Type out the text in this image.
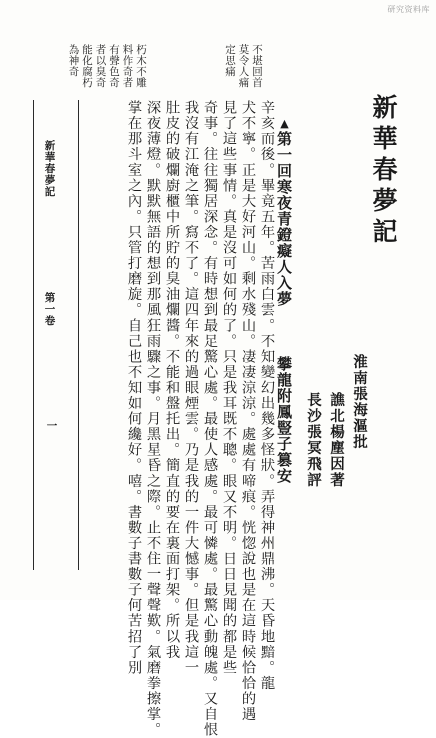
研究资料库
不堪回首
莫令人痛
定思痛
朽木不雕
料作奇者
有聲色奇
者以臭奇
能化腐朽
為神奇
新華春夢記
淮南張海漚批
譙北楊塵因著
長沙張冥飛評
▲第一回寒夜青鐙癡人入夢
攀龍附鳳豎子篡安
辛亥而後。畢竟五年。苦雨白雲。不知變幻出幾多怪狀。弄得神州鼎沸。天昏地黯。龍
犬不寧。正是大好河山。剩水殘山。凄凄涼涼。處處有啼痕。恍惚說也是在這時候恰恰的遇
見了這些事情。真是沒可如何的了。只是我耳既不聰。眼又不明。日日見聞的都是些
奇事。往往獨居深念。有時想到最足驚心處。最使人感處。最可憐處。最驚心動魄處。又自恨
我沒有江淹之筆。寫不了。這四年來的過眼煙雲。乃是我的一件大憾事。但是我這一
肚皮的破爛廚櫃中所貯的臭油爛醬。不能和盤托出。簡直的要在裏面打架。所以我
深夜薄燈。默默無語的想到那風狂雨驟之事。月黑星昏之際。止不住一聲聲歎。氣磨拳擦掌。
掌在那斗室之內。只管打磨旋。自己也不知如何纔好。嘻。書數子書數子何苦招了別
新華春夢記
第一卷
一
